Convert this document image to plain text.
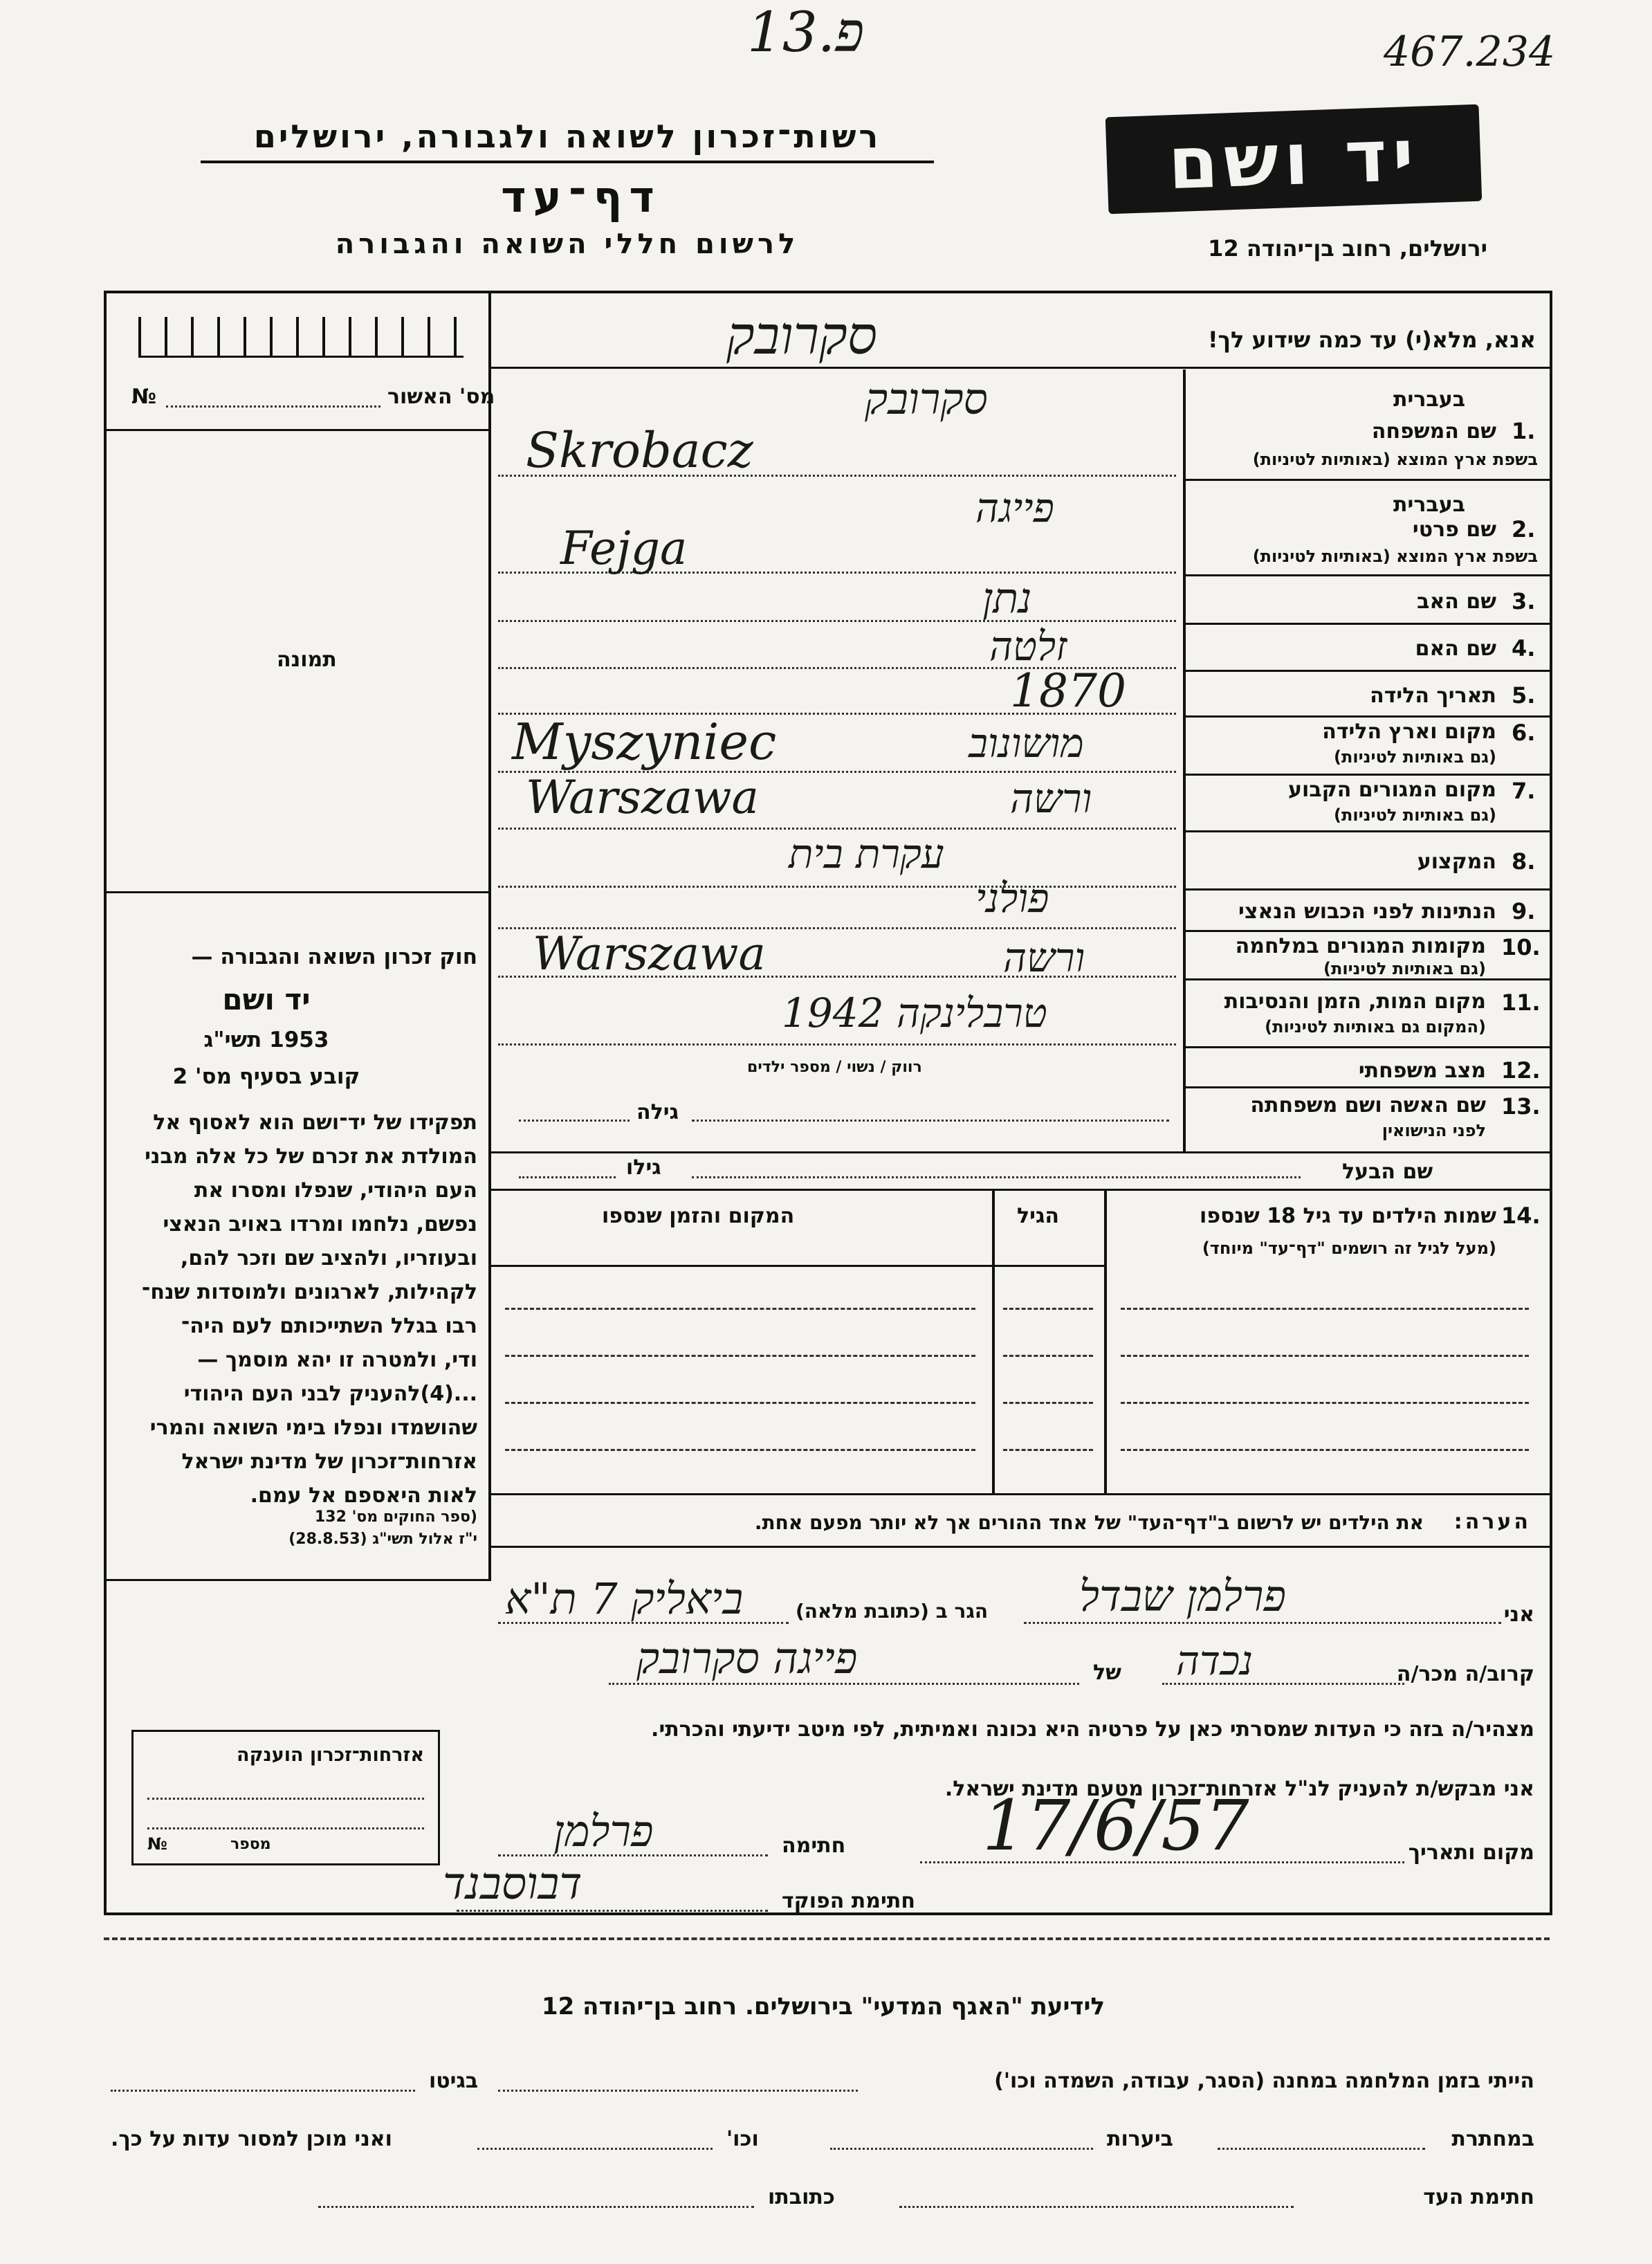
13.פ	467.234
רשות־זכרון לשואה ולגבורה, ירושלים
דף־עד
לרשום חללי השואה והגבורה
יד ושם
ירושלים, רחוב בן־יהודה 12
אנא, מלא(י) עד כמה שידוע לך!
סקרובק
מס' האשור
№
תמונה
חוק זכרון השואה והגבורה —
יד ושם
תשי"ג 1953
קובע בסעיף מס' 2
תפקידו של יד־ושם הוא לאסוף אל
המולדת את זכרם של כל אלה מבני
העם היהודי, שנפלו ומסרו את
נפשם, נלחמו ומרדו באויב הנאצי
ובעוזריו, ולהציב שם וזכר להם,
לקהילות, לארגונים ולמוסדות שנח־
רבו בגלל השתייכותם לעם היה־
ודי, ולמטרה זו יהא מוסמך —
...(4)להעניק לבני העם היהודי
שהושמדו ונפלו בימי השואה והמרי
אזרחות־זכרון של מדינת ישראל
לאות היאספם אל עמם.
(ספר החוקים מס' 132
י"ז אלול תשי"ג (28.8.53)
אזרחות־זכרון הוענקה
מספר
№
בעברית
שם המשפחה 1.
בשפת ארץ המוצא (באותיות לטיניות)
בעברית
שם פרטי 2.
בשפת ארץ המוצא (באותיות לטיניות)
שם האב 3.
שם האם 4.
תאריך הלידה 5.
מקום וארץ הלידה 6.
(גם באותיות לטיניות)
מקום המגורים הקבוע 7.
(גם באותיות לטיניות)
המקצוע 8.
הנתינות לפני הכבוש הנאצי 9.
מקומות המגורים במלחמה 10.
(גם באותיות לטיניות)
מקום המות, הזמן והנסיבות 11.
(המקום גם באותיות לטיניות)
מצב משפחתי 12.
שם האשה ושם משפחתה 13.
לפני הנישואין
רווק / נשוי / מספר ילדים
גילה
שם הבעל
גילו
שמות הילדים עד גיל 18 שנספו 14.
(מעל לגיל זה רושמים "דף־עד" מיוחד)
הגיל
המקום והזמן שנספו
הערה:
את הילדים יש לרשום ב"דף־העד" של אחד ההורים אך לא יותר מפעם אחת.
סקרובק
Skrobacz
פייגה
Fejga
נתן
זלטה
1870
מושונוב
Myszyniec
ורשה
Warszawa
עקרת בית
פולני
ורשה
Warszawa
טרבלינקה 1942
אני
פרלמן שבדל
הגר ב (כתובת מלאה)
ביאליק 7 ת"א
קרוב/ה מכר/ה
נכדה
של
פייגה סקרובק
מצהיר/ה בזה כי העדות שמסרתי כאן על פרטיה היא נכונה ואמיתית, לפי מיטב ידיעתי והכרתי.
אני מבקש/ת להעניק לנ"ל אזרחות־זכרון מטעם מדינת ישראל.
מקום ותאריך
17/6/57
חתימה
פרלמן
חתימת הפוקד
דבוסבנד
לידיעת "האגף המדעי" בירושלים. רחוב בן־יהודה 12
הייתי בזמן המלחמה במחנה (הסגר, עבודה, השמדה וכו')
בגיטו
במחתרת
ביערות
וכו'
ואני מוכן למסור עדות על כך.
חתימת העד
כתובתו
